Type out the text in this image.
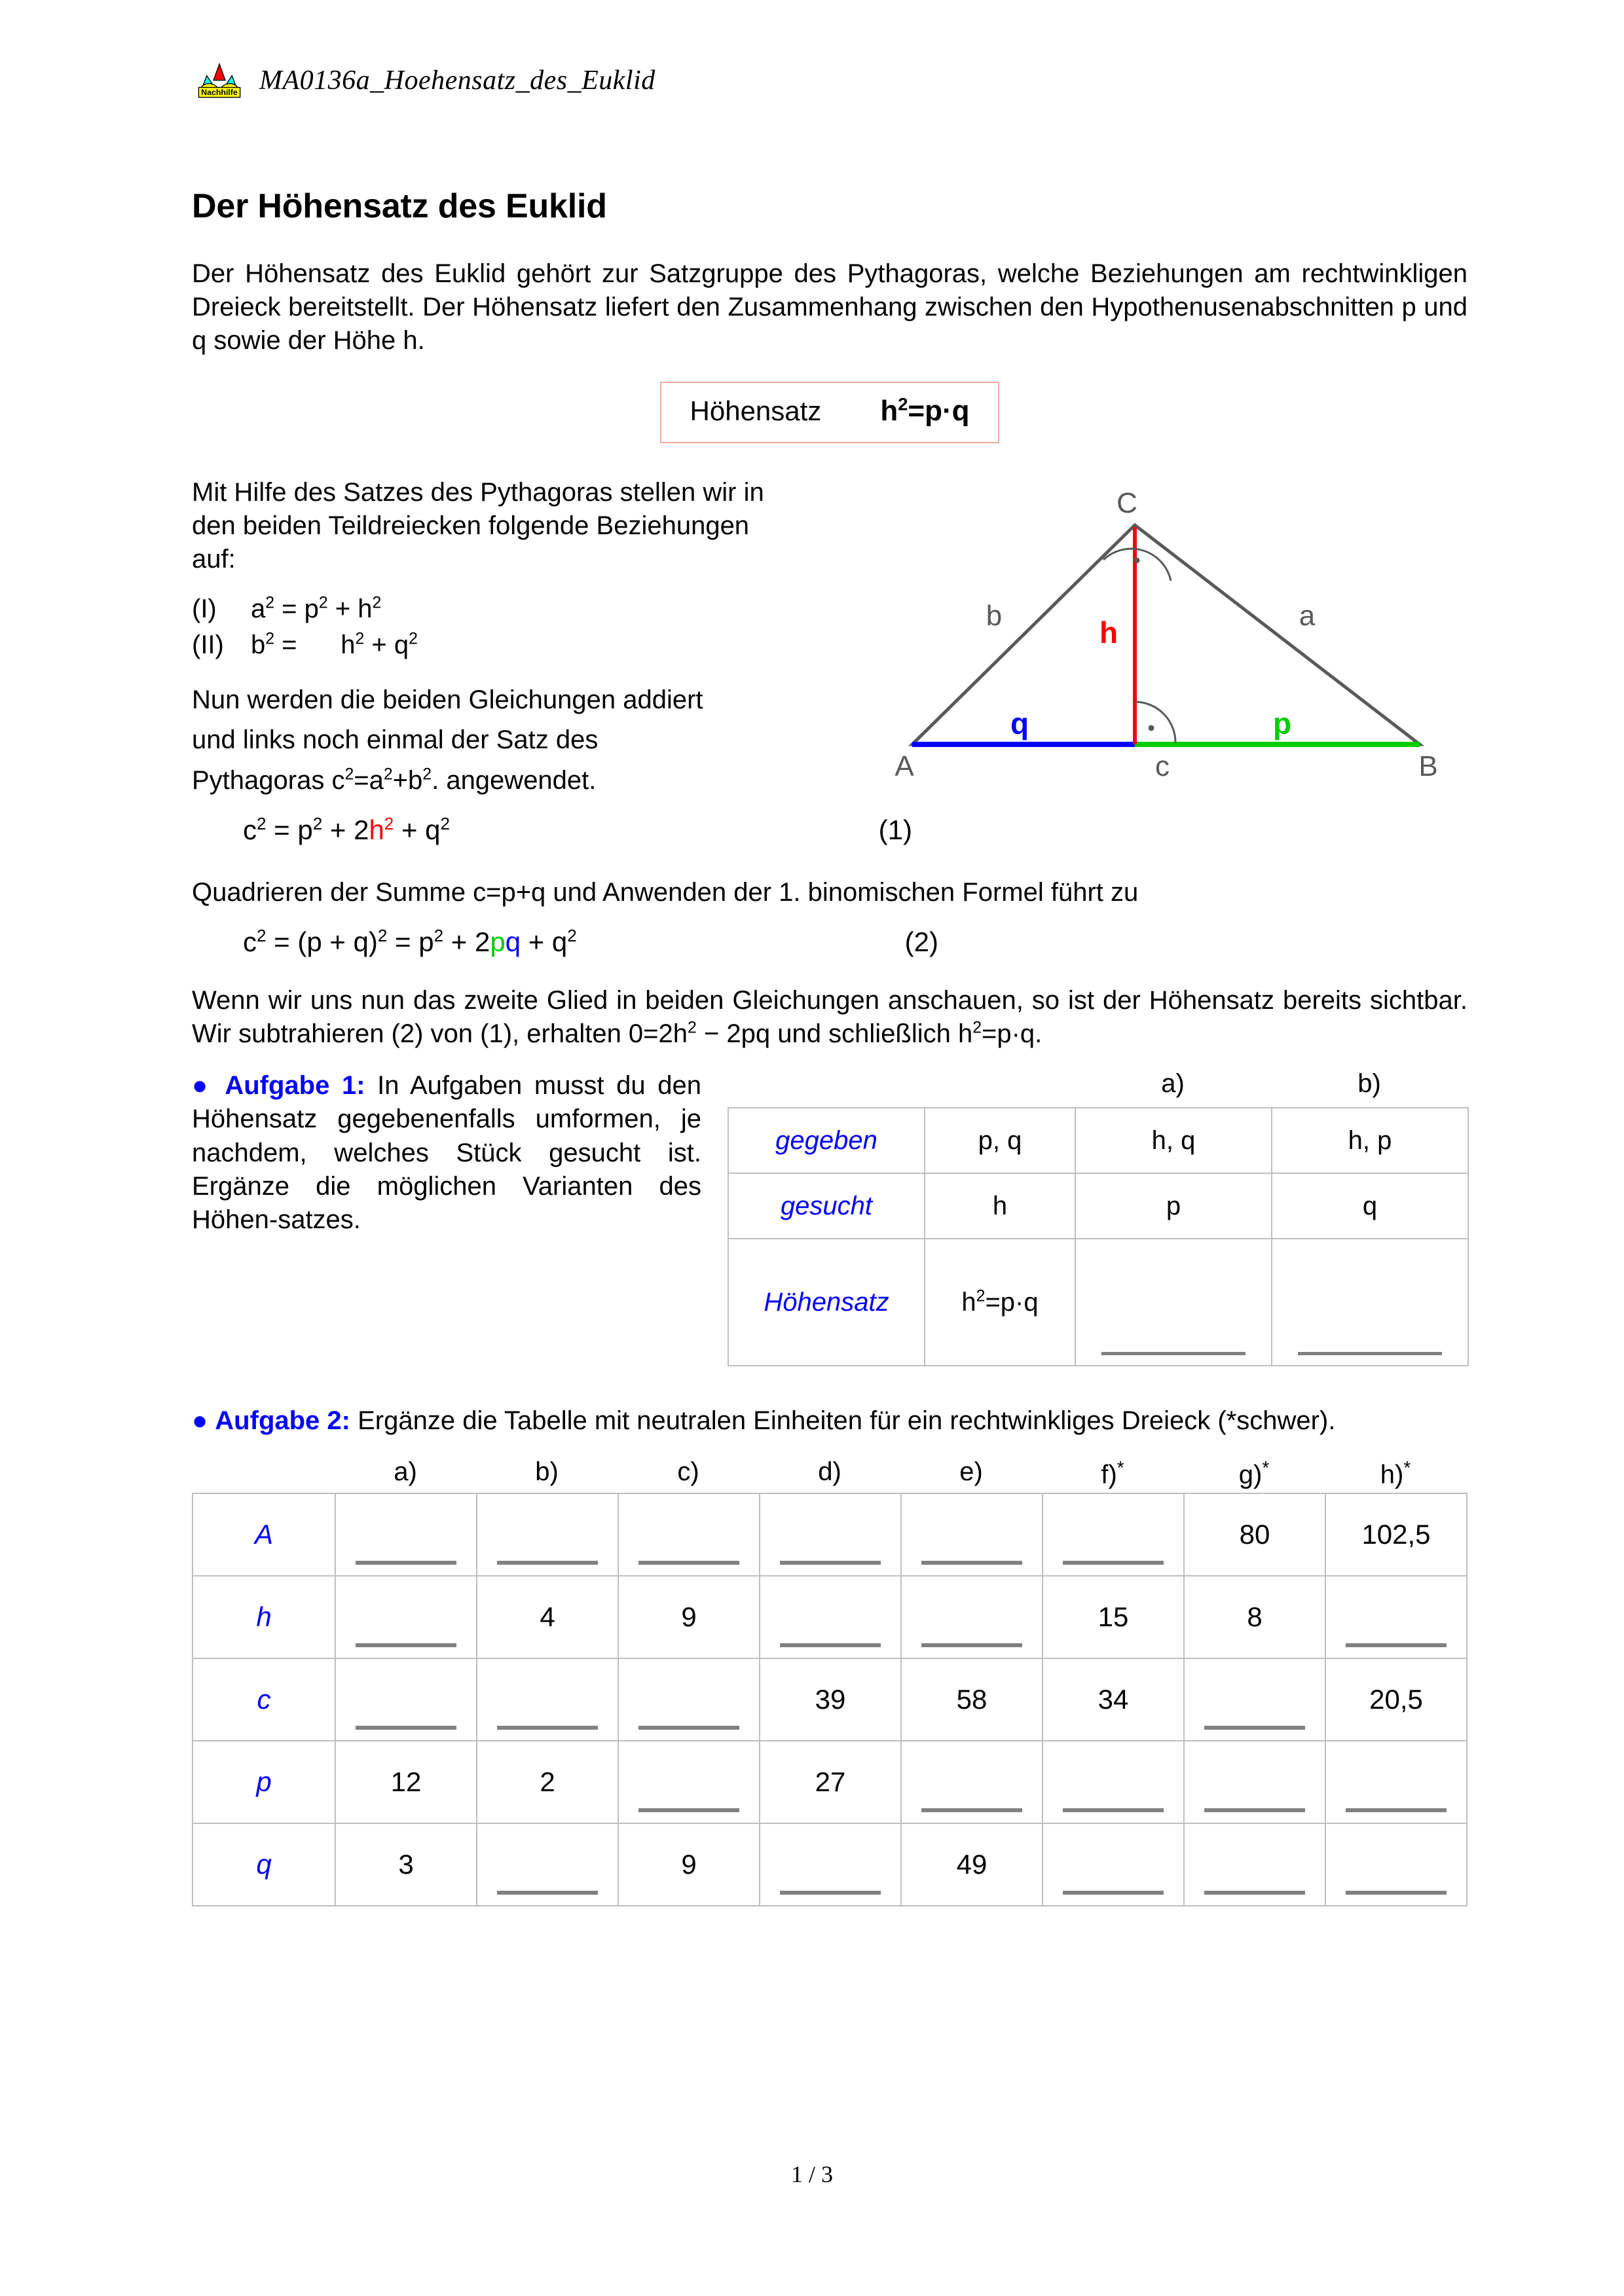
Nachhilfe MA0136a_Hoehensatz_des_Euklid
Der Höhensatz des Euklid

Der Höhensatz des Euklid gehört zur Satzgruppe des Pythagoras, welche Beziehungen am rechtwinkligen Dreieck bereitstellt. Der Höhensatz liefert den Zusammenhang zwischen den Hypothenusenabschnitten p und q sowie der Höhe h.

Höhensatz $h^2=p\cdot q$

Mit Hilfe des Satzes des Pythagoras stellen wir in den beiden Teildreiecken folgende Beziehungen auf:

(I) $a^2 = p^2 + h^2$
(II) $b^2$ =      $h^2 + q^2$

Nun werden die beiden Gleichungen addiert

und links noch einmal der Satz des

Pythagoras $c^2=a^2+b^2$. angewendet.

C
A	B
b	a
c
h
q	p
$c^2 = p^2 + 2h^2 + q^2$	(1)

Quadrieren der Summe c=p+q und Anwenden der 1. binomischen Formel führt zu

$c^2 = (p + q)^2 = p^2 + 2pq + q^2$	(2)

Wenn wir uns nun das zweite Glied in beiden Gleichungen anschauen, so ist der Höhensatz bereits sichtbar. Wir subtrahieren (2) von (1), erhalten $0=2h^2 - 2pq$ und schließlich $h^2=p\cdot q$.

● Aufgabe 1: In Aufgaben musst du den Höhensatz gegebenenfalls umformen, je nachdem, welches Stück gesucht ist. Ergänze die möglichen Varianten des Höhen-satzes.
a)	b)
gegeben	p, q	h, q	h, p
gesucht	h	p	q
Höhensatz	$h^2=p\cdot q$	

● Aufgabe 2: Ergänze die Tabelle mit neutralen Einheiten für ein rechtwinkliges Dreieck (*schwer).

a)	b)	c)	d)	e)	f)*	g)*	h)*
A							80	102,5

h		4	9			15	8	

c				39	58	34		20,5

p	12	2		27				

q	3		9		49			

1 / 3
